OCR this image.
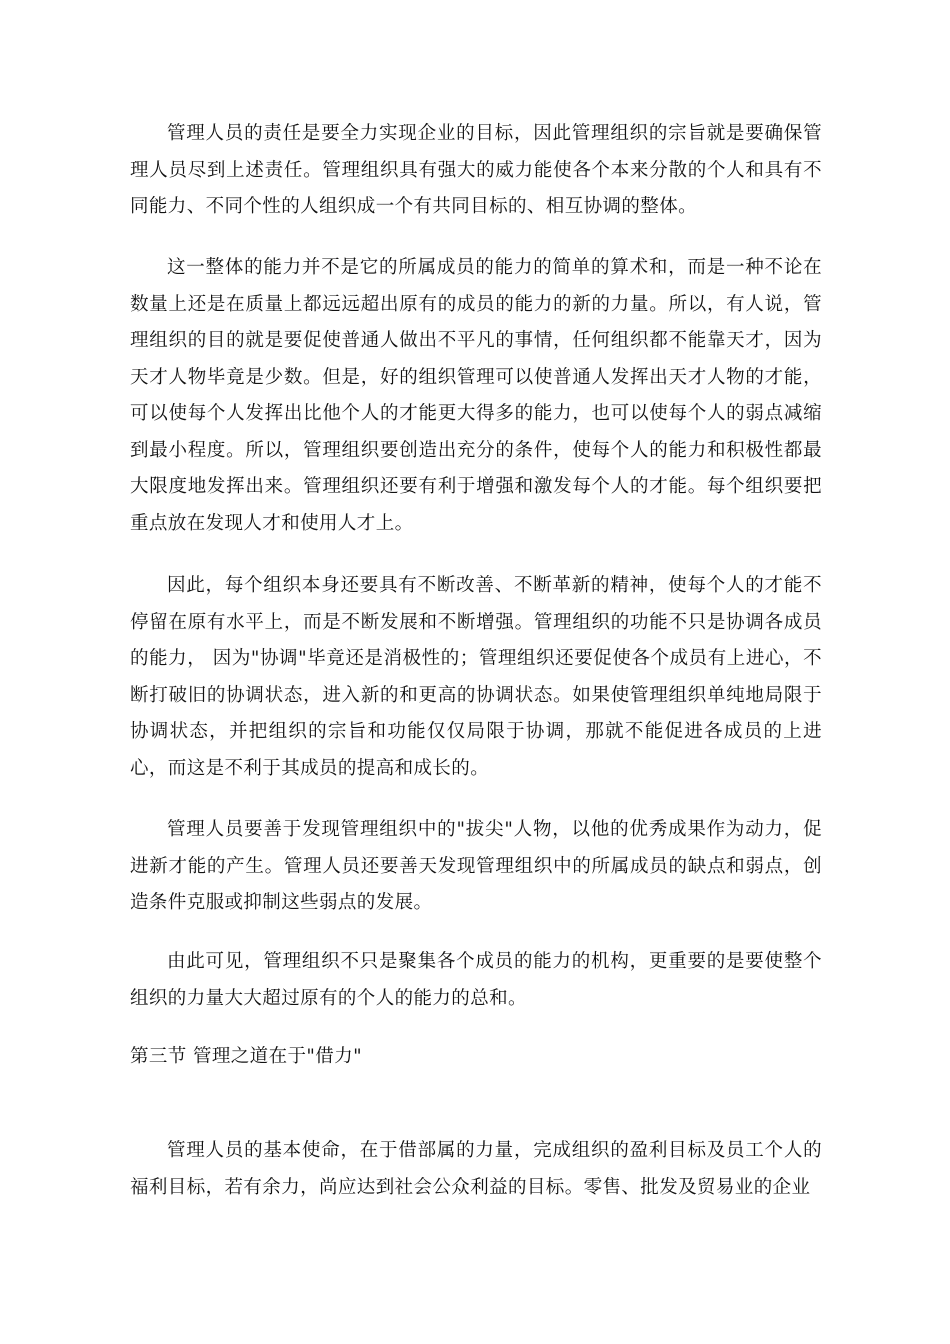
管理人员的责任是要全力实现企业的目标，因此管理组织的宗旨就是要确保管理人员尽到上述责任。管理组织具有强大的威力能使各个本来分散的个人和具有不同能力、不同个性的人组织成一个有共同目标的、相互协调的整体。

这一整体的能力并不是它的所属成员的能力的简单的算术和，而是一种不论在数量上还是在质量上都远远超出原有的成员的能力的新的力量。所以，有人说，管理组织的目的就是要促使普通人做出不平凡的事情，任何组织都不能靠天才，因为天才人物毕竟是少数。但是，好的组织管理可以使普通人发挥出天才人物的才能，可以使每个人发挥出比他个人的才能更大得多的能力，也可以使每个人的弱点减缩到最小程度。所以，管理组织要创造出充分的条件，使每个人的能力和积极性都最大限度地发挥出来。管理组织还要有利于增强和激发每个人的才能。每个组织要把重点放在发现人才和使用人才上。

因此，每个组织本身还要具有不断改善、不断革新的精神，使每个人的才能不停留在原有水平上，而是不断发展和不断增强。管理组织的功能不只是协调各成员的能力， 因为"协调"毕竟还是消极性的；管理组织还要促使各个成员有上进心，不断打破旧的协调状态，进入新的和更高的协调状态。如果使管理组织单纯地局限于协调状态，并把组织的宗旨和功能仅仅局限于协调，那就不能促进各成员的上进心，而这是不利于其成员的提高和成长的。

管理人员要善于发现管理组织中的"拔尖"人物，以他的优秀成果作为动力，促进新才能的产生。管理人员还要善天发现管理组织中的所属成员的缺点和弱点，创造条件克服或抑制这些弱点的发展。

由此可见，管理组织不只是聚集各个成员的能力的机构，更重要的是要使整个组织的力量大大超过原有的个人的能力的总和。

第三节 管理之道在于"借力"

管理人员的基本使命，在于借部属的力量，完成组织的盈利目标及员工个人的福利目标，若有余力，尚应达到社会公众利益的目标。零售、批发及贸易业的企业
